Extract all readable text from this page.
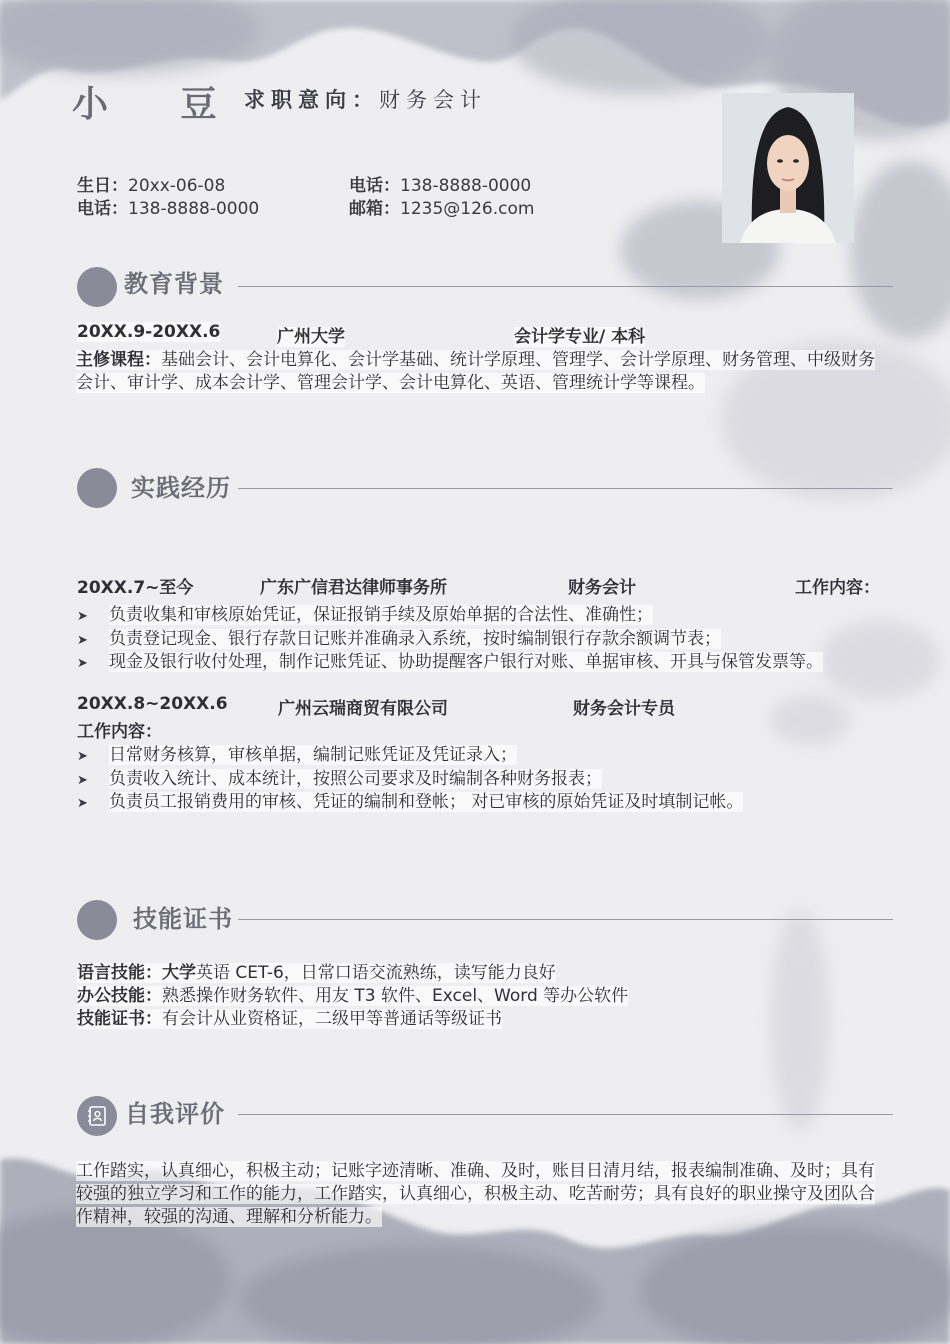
小 豆
求职意向：财务会计
生日：20xx-06-08
电话：138-8888-0000
电话：138-8888-0000
邮箱：1235@126.com
教育背景
20XX.9-20XX.6	广州大学	会计学专业/ 本科
主修课程：基础会计、会计电算化、会计学基础、统计学原理、管理学、会计学原理、财务管理、中级财务会计、审计学、成本会计学、管理会计学、会计电算化、英语、管理统计学等课程。
实践经历
20XX.7~至今	广东广信君达律师事务所	财务会计	工作内容：
➤ 负责收集和审核原始凭证，保证报销手续及原始单据的合法性、准确性；
➤ 负责登记现金、银行存款日记账并准确录入系统，按时编制银行存款余额调节表；
➤ 现金及银行收付处理，制作记账凭证、协助提醒客户银行对账、单据审核、开具与保管发票等。
20XX.8~20XX.6	广州云瑞商贸有限公司	财务会计专员
工作内容：
➤ 日常财务核算，审核单据，编制记账凭证及凭证录入；
➤ 负责收入统计、成本统计，按照公司要求及时编制各种财务报表；
➤ 负责员工报销费用的审核、凭证的编制和登帐； 对已审核的原始凭证及时填制记帐。
技能证书
语言技能：大学英语 CET-6，日常口语交流熟练，读写能力良好
办公技能：熟悉操作财务软件、用友 T3 软件、Excel、Word 等办公软件
技能证书：有会计从业资格证，二级甲等普通话等级证书
自我评价
工作踏实，认真细心，积极主动；记账字迹清晰、准确、及时，账目日清月结，报表编制准确、及时；具有较强的独立学习和工作的能力，工作踏实，认真细心，积极主动、吃苦耐劳；具有良好的职业操守及团队合作精神，较强的沟通、理解和分析能力。
